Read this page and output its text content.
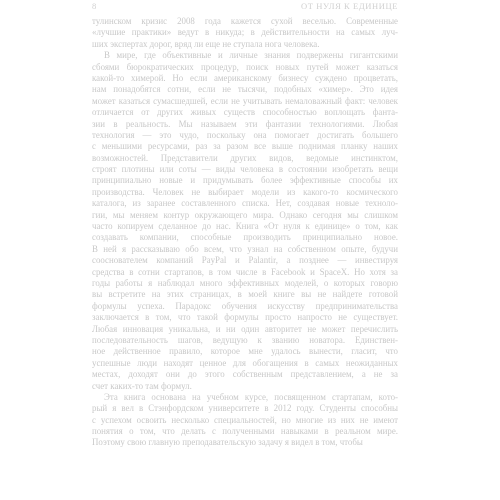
8	ОТ НУЛЯ К ЕДИНИЦЕ
тулинском кризис 2008 года кажется сухой веселью. Современные
«лучшие практики» ведут в никуда; в действительности на самых луч-
ших экспертах дорог, вряд ли еще не ступала нога человека.
В мире, где объективные и личные знания подвержены гигантскими
сбоями бюрократических процедур, поиск новых путей может казаться
какой-то химерой. Но если американскому бизнесу суждено процветать,
нам понадобятся сотни, если не тысячи, подобных «химер». Это идея
может казаться сумасшедшей, если не учитывать немаловажный факт: человек
отличается от других живых существ способностью воплощать фанта-
зии в реальность. Мы называем эти фантазии технологиями. Любая
технология — это чудо, поскольку она помогает достигать большего
с меньшими ресурсами, раз за разом все выше поднимая планку наших
возможностей. Представители других видов, ведомые инстинктом,
строят плотины или соты — виды человека в состоянии изобретать вещи
принципиально новые и придумывать более эффективные способы их
производства. Человек не выбирает модели из какого-то космического
каталога, из заранее составленного списка. Нет, создавая новые техноло-
гии, мы меняем контур окружающего мира. Однако сегодня мы слишком
часто копируем сделанное до нас. Книга «От нуля к единице» о том, как
создавать компании, способные производить принципиально новое.
В ней я рассказываю обо всем, что узнал на собственном опыте, будучи
сооснователем компаний PayPal и Palantir, а позднее — инвестируя
средства в сотни стартапов, в том числе в Facebook и SpaceX. Но хотя за
годы работы я наблюдал много эффективных моделей, о которых говорю
вы встретите на этих страницах, в моей книге вы не найдете готовой
формулы успеха. Парадокс обучения искусству предпринимательства
заключается в том, что такой формулы просто напросто не существует.
Любая инновация уникальна, и ни один авторитет не может перечислить
последовательность шагов, ведущую к званию новатора. Единствен-
ное действенное правило, которое мне удалось вынести, гласит, что
успешные люди находят ценное для обогащения в самых неожиданных
местах, доходят они до этого собственным представлением, а не за
счет каких-то там формул.
Эта книга основана на учебном курсе, посвященном стартапам, кото-
рый я вел в Стэнфордском университете в 2012 году. Студенты способны
с успехом освоить несколько специальностей, но многие из них не имеют
понятия о том, что делать с полученными навыками в реальном мире.
Поэтому свою главную преподавательскую задачу я видел в том, чтобы
